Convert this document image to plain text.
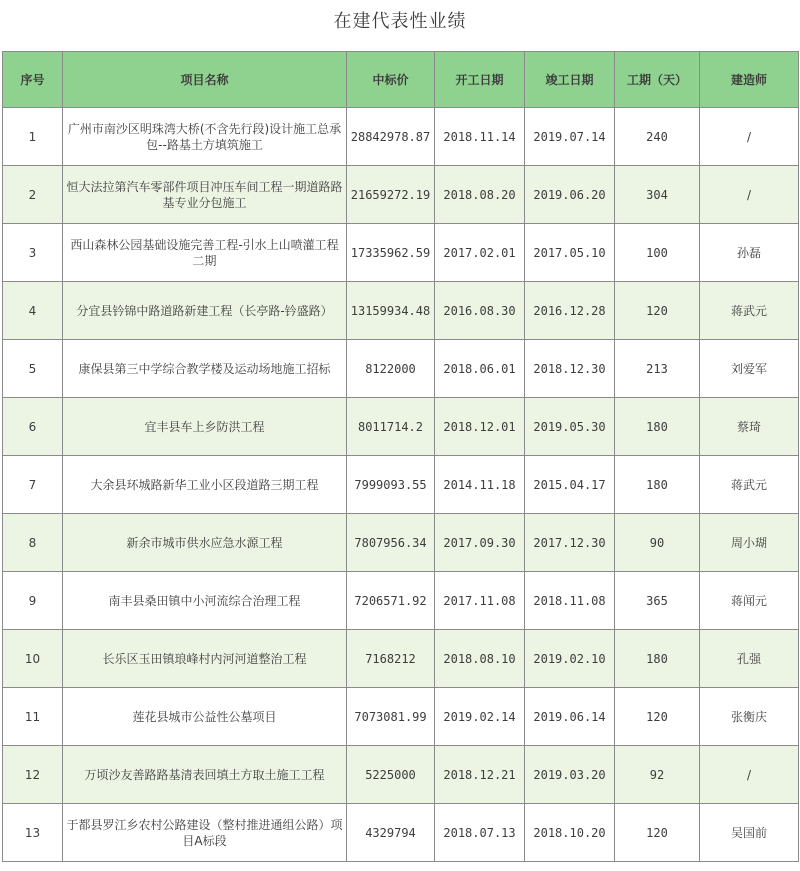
在建代表性业绩
序号	项目名称	中标价	开工日期	竣工日期	工期（天）	建造师
1	广州市南沙区明珠湾大桥(不含先行段)设计施工总承包--路基土方填筑施工	28842978.87	2018.11.14	2019.07.14	240	/
2	恒大法拉第汽车零部件项目冲压车间工程一期道路路基专业分包施工	21659272.19	2018.08.20	2019.06.20	304	/
3	西山森林公园基础设施完善工程-引水上山喷灌工程二期	17335962.59	2017.02.01	2017.05.10	100	孙磊
4	分宜县钤锦中路道路新建工程（长亭路-钤盛路）	13159934.48	2016.08.30	2016.12.28	120	蒋武元
5	康保县第三中学综合教学楼及运动场地施工招标	8122000	2018.06.01	2018.12.30	213	刘爱军
6	宜丰县车上乡防洪工程	8011714.2	2018.12.01	2019.05.30	180	蔡琦
7	大余县环城路新华工业小区段道路三期工程	7999093.55	2014.11.18	2015.04.17	180	蒋武元
8	新余市城市供水应急水源工程	7807956.34	2017.09.30	2017.12.30	90	周小瑚
9	南丰县桑田镇中小河流综合治理工程	7206571.92	2017.11.08	2018.11.08	365	蒋闻元
10	长乐区玉田镇琅峰村内河河道整治工程	7168212	2018.08.10	2019.02.10	180	孔强
11	莲花县城市公益性公墓项目	7073081.99	2019.02.14	2019.06.14	120	张衡庆
12	万顷沙友善路路基清表回填土方取土施工工程	5225000	2018.12.21	2019.03.20	92	/
13	于都县罗江乡农村公路建设（整村推进通组公路）项目A标段	4329794	2018.07.13	2018.10.20	120	吴国前
